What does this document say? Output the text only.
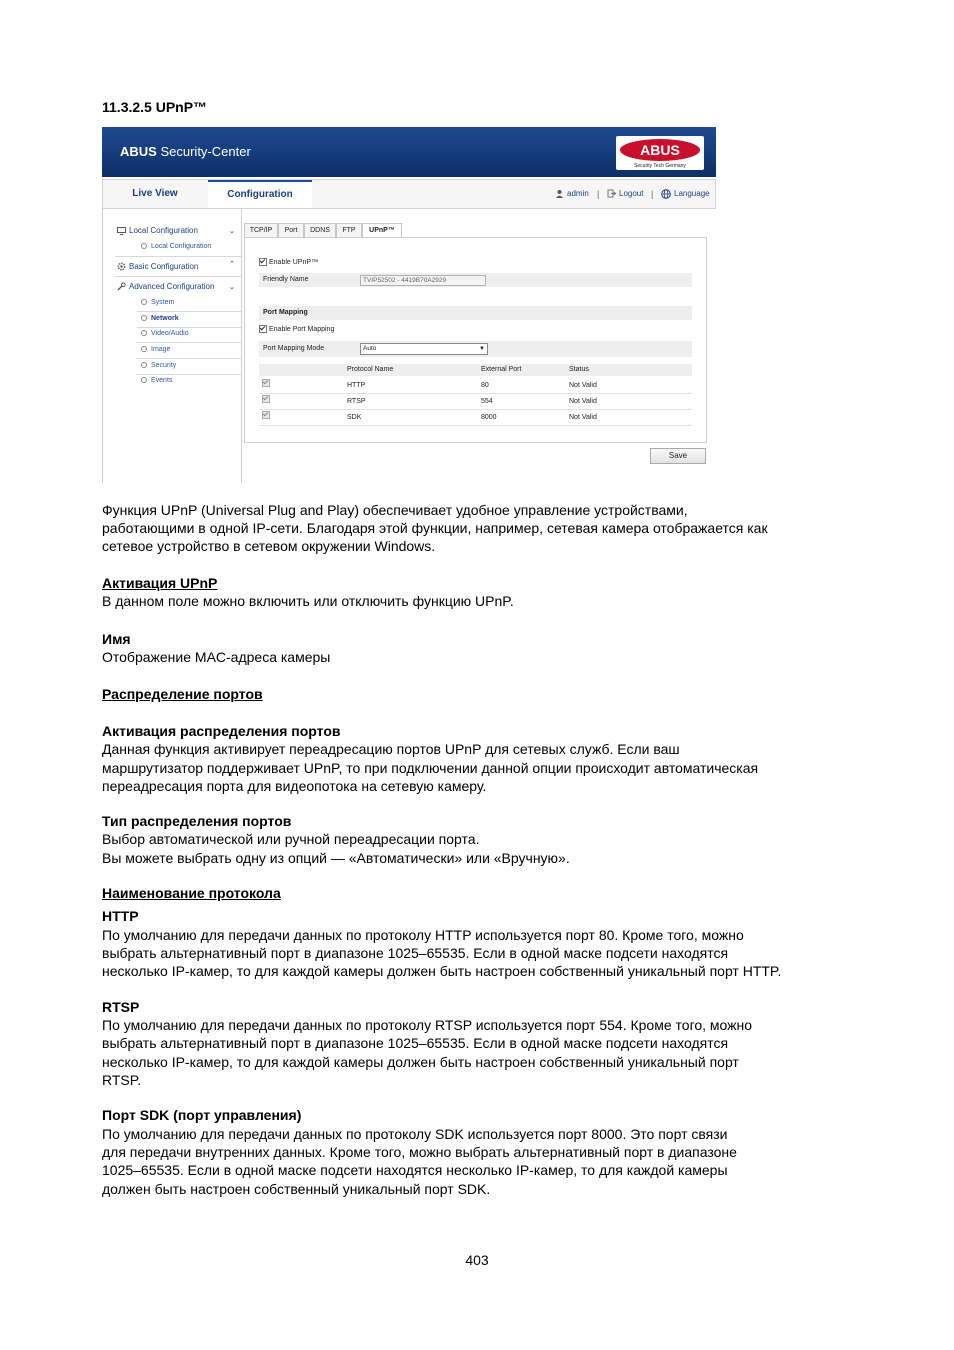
11.3.2.5 UPnP™
ABUS Security-Center	ABUS
Security Tech Germany
Live View	Configuration	admin |	Logout |	Language
Local Configuration	⌄
Local Configuration
Basic Configuration	⌃
Advanced Configuration ⌄
System
Network
Video/Audio
Image
Security
Events
TCP/IP	Port	DDNS	FTP	UPnP™
Enable UPnP™
Friendly Name	TVIP52502 - 4419B70A2929
Port Mapping
Enable Port Mapping
Port Mapping Mode	Auto	▼
Protocol Name	External Port	Status
HTTP	80	Not Valid
RTSP	554	Not Valid
SDK	8000	Not Valid
Save
Функция UPnP (Universal Plug and Play) обеспечивает удобное управление устройствами,
работающими в одной IP-сети. Благодаря этой функции, например, сетевая камера отображается как
сетевое устройство в сетевом окружении Windows.
Активация UPnP
В данном поле можно включить или отключить функцию UPnP.
Имя
Отображение MAC-адреса камеры
Распределение портов
Активация распределения портов
Данная функция активирует переадресацию портов UPnP для сетевых служб. Если ваш
маршрутизатор поддерживает UPnP, то при подключении данной опции происходит автоматическая
переадресация порта для видеопотока на сетевую камеру.
Тип распределения портов
Выбор автоматической или ручной переадресации порта.
Вы можете выбрать одну из опций — «Автоматически» или «Вручную».
Наименование протокола
HTTP
По умолчанию для передачи данных по протоколу HTTP используется порт 80. Кроме того, можно
выбрать альтернативный порт в диапазоне 1025–65535. Если в одной маске подсети находятся
несколько IP-камер, то для каждой камеры должен быть настроен собственный уникальный порт HTTP.
RTSP
По умолчанию для передачи данных по протоколу RTSP используется порт 554. Кроме того, можно
выбрать альтернативный порт в диапазоне 1025–65535. Если в одной маске подсети находятся
несколько IP-камер, то для каждой камеры должен быть настроен собственный уникальный порт
RTSP.
Порт SDK (порт управления)
По умолчанию для передачи данных по протоколу SDK используется порт 8000. Это порт связи
для передачи внутренних данных. Кроме того, можно выбрать альтернативный порт в диапазоне
1025–65535. Если в одной маске подсети находятся несколько IP-камер, то для каждой камеры
должен быть настроен собственный уникальный порт SDK.
403
